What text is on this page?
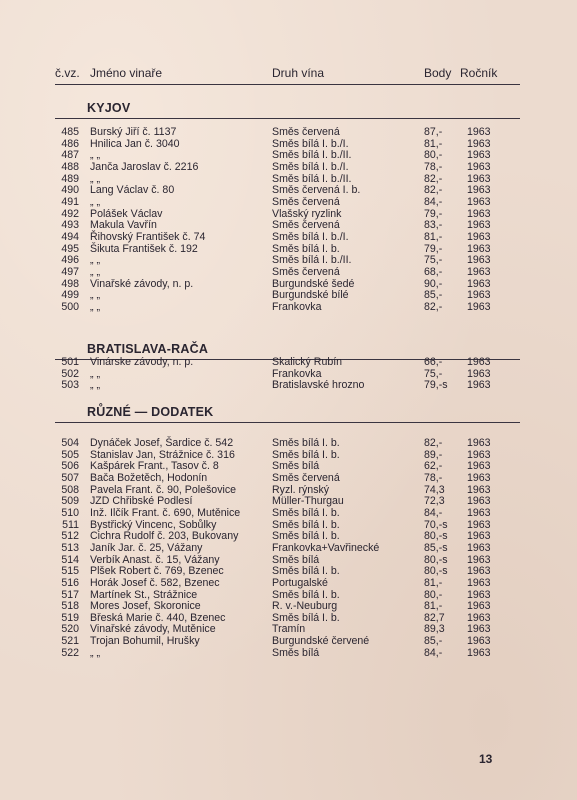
č.vz. Jméno vinaře	Druh vína	Body Ročník
KYJOV
485 Burský Jiří č. 1137	Směs červená	87,- 1963
486 Hnilica Jan č. 3040	Směs bílá I. b./I.	81,- 1963
487 „ „	Směs bílá I. b./II.	80,- 1963
488 Janča Jaroslav č. 2216	Směs bílá I. b./I.	78,- 1963
489 „ „	Směs bílá I. b./II.	82,- 1963
490 Lang Václav č. 80	Směs červená I. b.	82,- 1963
491 „ „	Směs červená	84,- 1963
492 Polášek Václav	Vlašský ryzlink	79,- 1963
493 Makula Vavřín	Směs červená	83,- 1963
494 Řihovský František č. 74	Směs bílá I. b./I.	81,- 1963
495 Šikuta František č. 192	Směs bílá I. b.	79,- 1963
496 „ „	Směs bílá I. b./II.	75,- 1963
497 „ „	Směs červená	68,- 1963
498 Vinařské závody, n. p.	Burgundské šedé	90,- 1963
499 „ „	Burgundské bílé	85,- 1963
500 „ „	Frankovka	82,- 1963
BRATISLAVA-RAČA
501 Vinárske závody, n. p.	Skalický Rubín	66,- 1963
502 „ „	Frankovka	75,- 1963
503 „ „	Bratislavské hrozno	79,-s 1963
RŮZNÉ — DODATEK
504 Dynáček Josef, Šardice č. 542	Směs bílá I. b.	82,- 1963
505 Stanislav Jan, Strážnice č. 316	Směs bílá I. b.	89,- 1963
506 Kašpárek Frant., Tasov č. 8	Směs bílá	62,- 1963
507 Bača Božetěch, Hodonín	Směs červená	78,- 1963
508 Pavela Frant. č. 90, Polešovice	Ryzl. rýnský	74,3 1963
509 JZD Chřibské Podlesí	Müller-Thurgau	72,3 1963
510 Inž. Ilčík Frant. č. 690, Mutěnice	Směs bílá I. b.	84,- 1963
511 Bystřický Vincenc, Sobůlky	Směs bílá I. b.	70,-s 1963
512 Cichra Rudolf č. 203, Bukovany	Směs bílá I. b.	80,-s 1963
513 Janík Jar. č. 25, Vážany	Frankovka+Vavřinecké	85,-s 1963
514 Verbík Anast. č. 15, Vážany	Směs bílá	80,-s 1963
515 Plšek Robert č. 769, Bzenec	Směs bílá I. b.	80,-s 1963
516 Horák Josef č. 582, Bzenec	Portugalské	81,- 1963
517 Martínek St., Strážnice	Směs bílá I. b.	80,- 1963
518 Mores Josef, Skoronice	R. v.-Neuburg	81,- 1963
519 Břeská Marie č. 440, Bzenec	Směs bílá I. b.	82,7 1963
520 Vinařské závody, Mutěnice	Tramín	89,3 1963
521 Trojan Bohumil, Hrušky	Burgundské červené	85,- 1963
522 „ „	Směs bílá	84,- 1963
13
